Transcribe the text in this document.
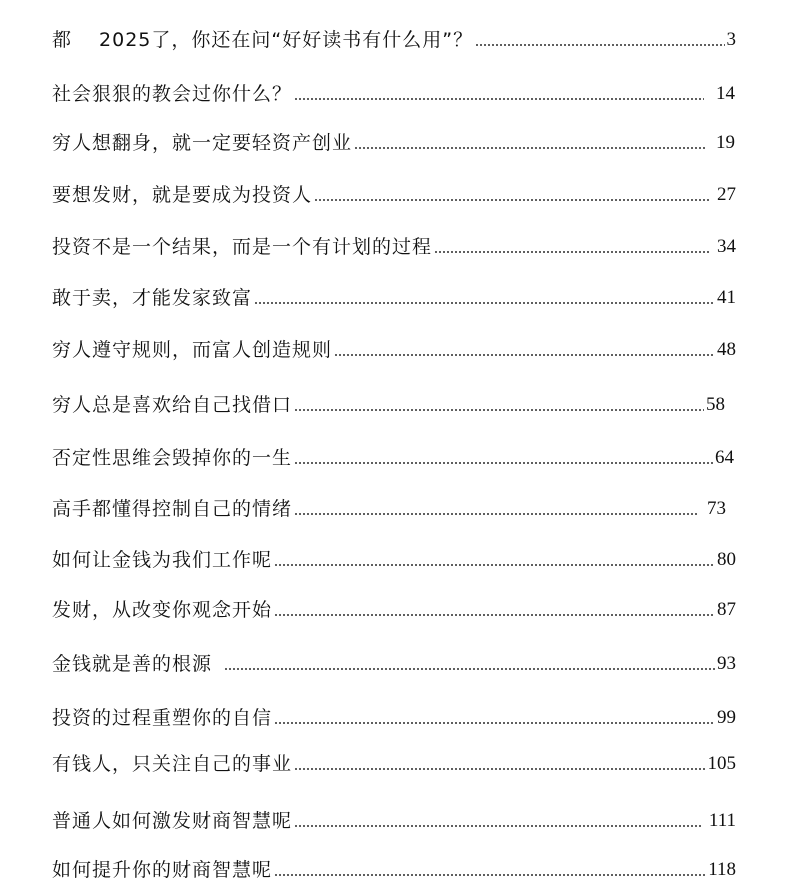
都　 2025了，你还在问“好好读书有什么用”？	3
社会狠狠的教会过你什么？	14
穷人想翻身，就一定要轻资产创业	19
要想发财，就是要成为投资人	27
投资不是一个结果，而是一个有计划的过程	34
敢于卖，才能发家致富	41
穷人遵守规则，而富人创造规则	48
穷人总是喜欢给自己找借口	58
否定性思维会毁掉你的一生	64
高手都懂得控制自己的情绪	73
如何让金钱为我们工作呢	80
发财，从改变你观念开始	87
金钱就是善的根源	93
投资的过程重塑你的自信	99
有钱人，只关注自己的事业	105
普通人如何激发财商智慧呢	111
如何提升你的财商智慧呢	118
